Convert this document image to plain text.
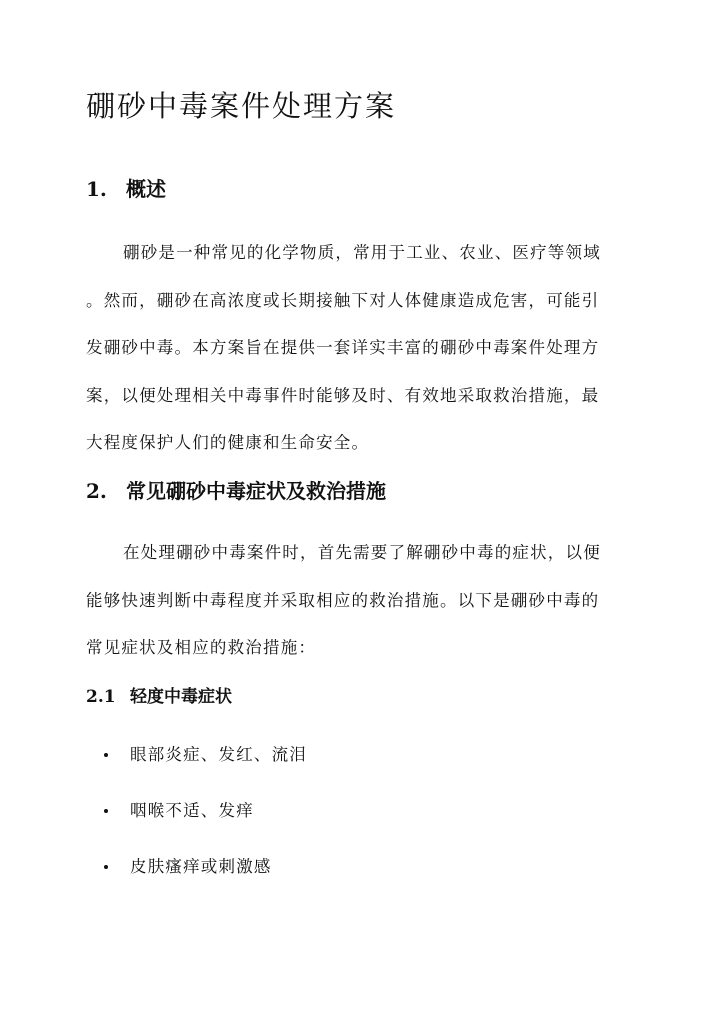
硼砂中毒案件处理方案
1. 概述
硼砂是一种常见的化学物质，常用于工业、农业、医疗等领域
。然而，硼砂在高浓度或长期接触下对人体健康造成危害，可能引
发硼砂中毒。本方案旨在提供一套详实丰富的硼砂中毒案件处理方
案，以便处理相关中毒事件时能够及时、有效地采取救治措施，最
大程度保护人们的健康和生命安全。
2. 常见硼砂中毒症状及救治措施
在处理硼砂中毒案件时，首先需要了解硼砂中毒的症状，以便
能够快速判断中毒程度并采取相应的救治措施。以下是硼砂中毒的
常见症状及相应的救治措施：
2.1 轻度中毒症状
眼部炎症、发红、流泪
咽喉不适、发痒
皮肤瘙痒或刺激感
